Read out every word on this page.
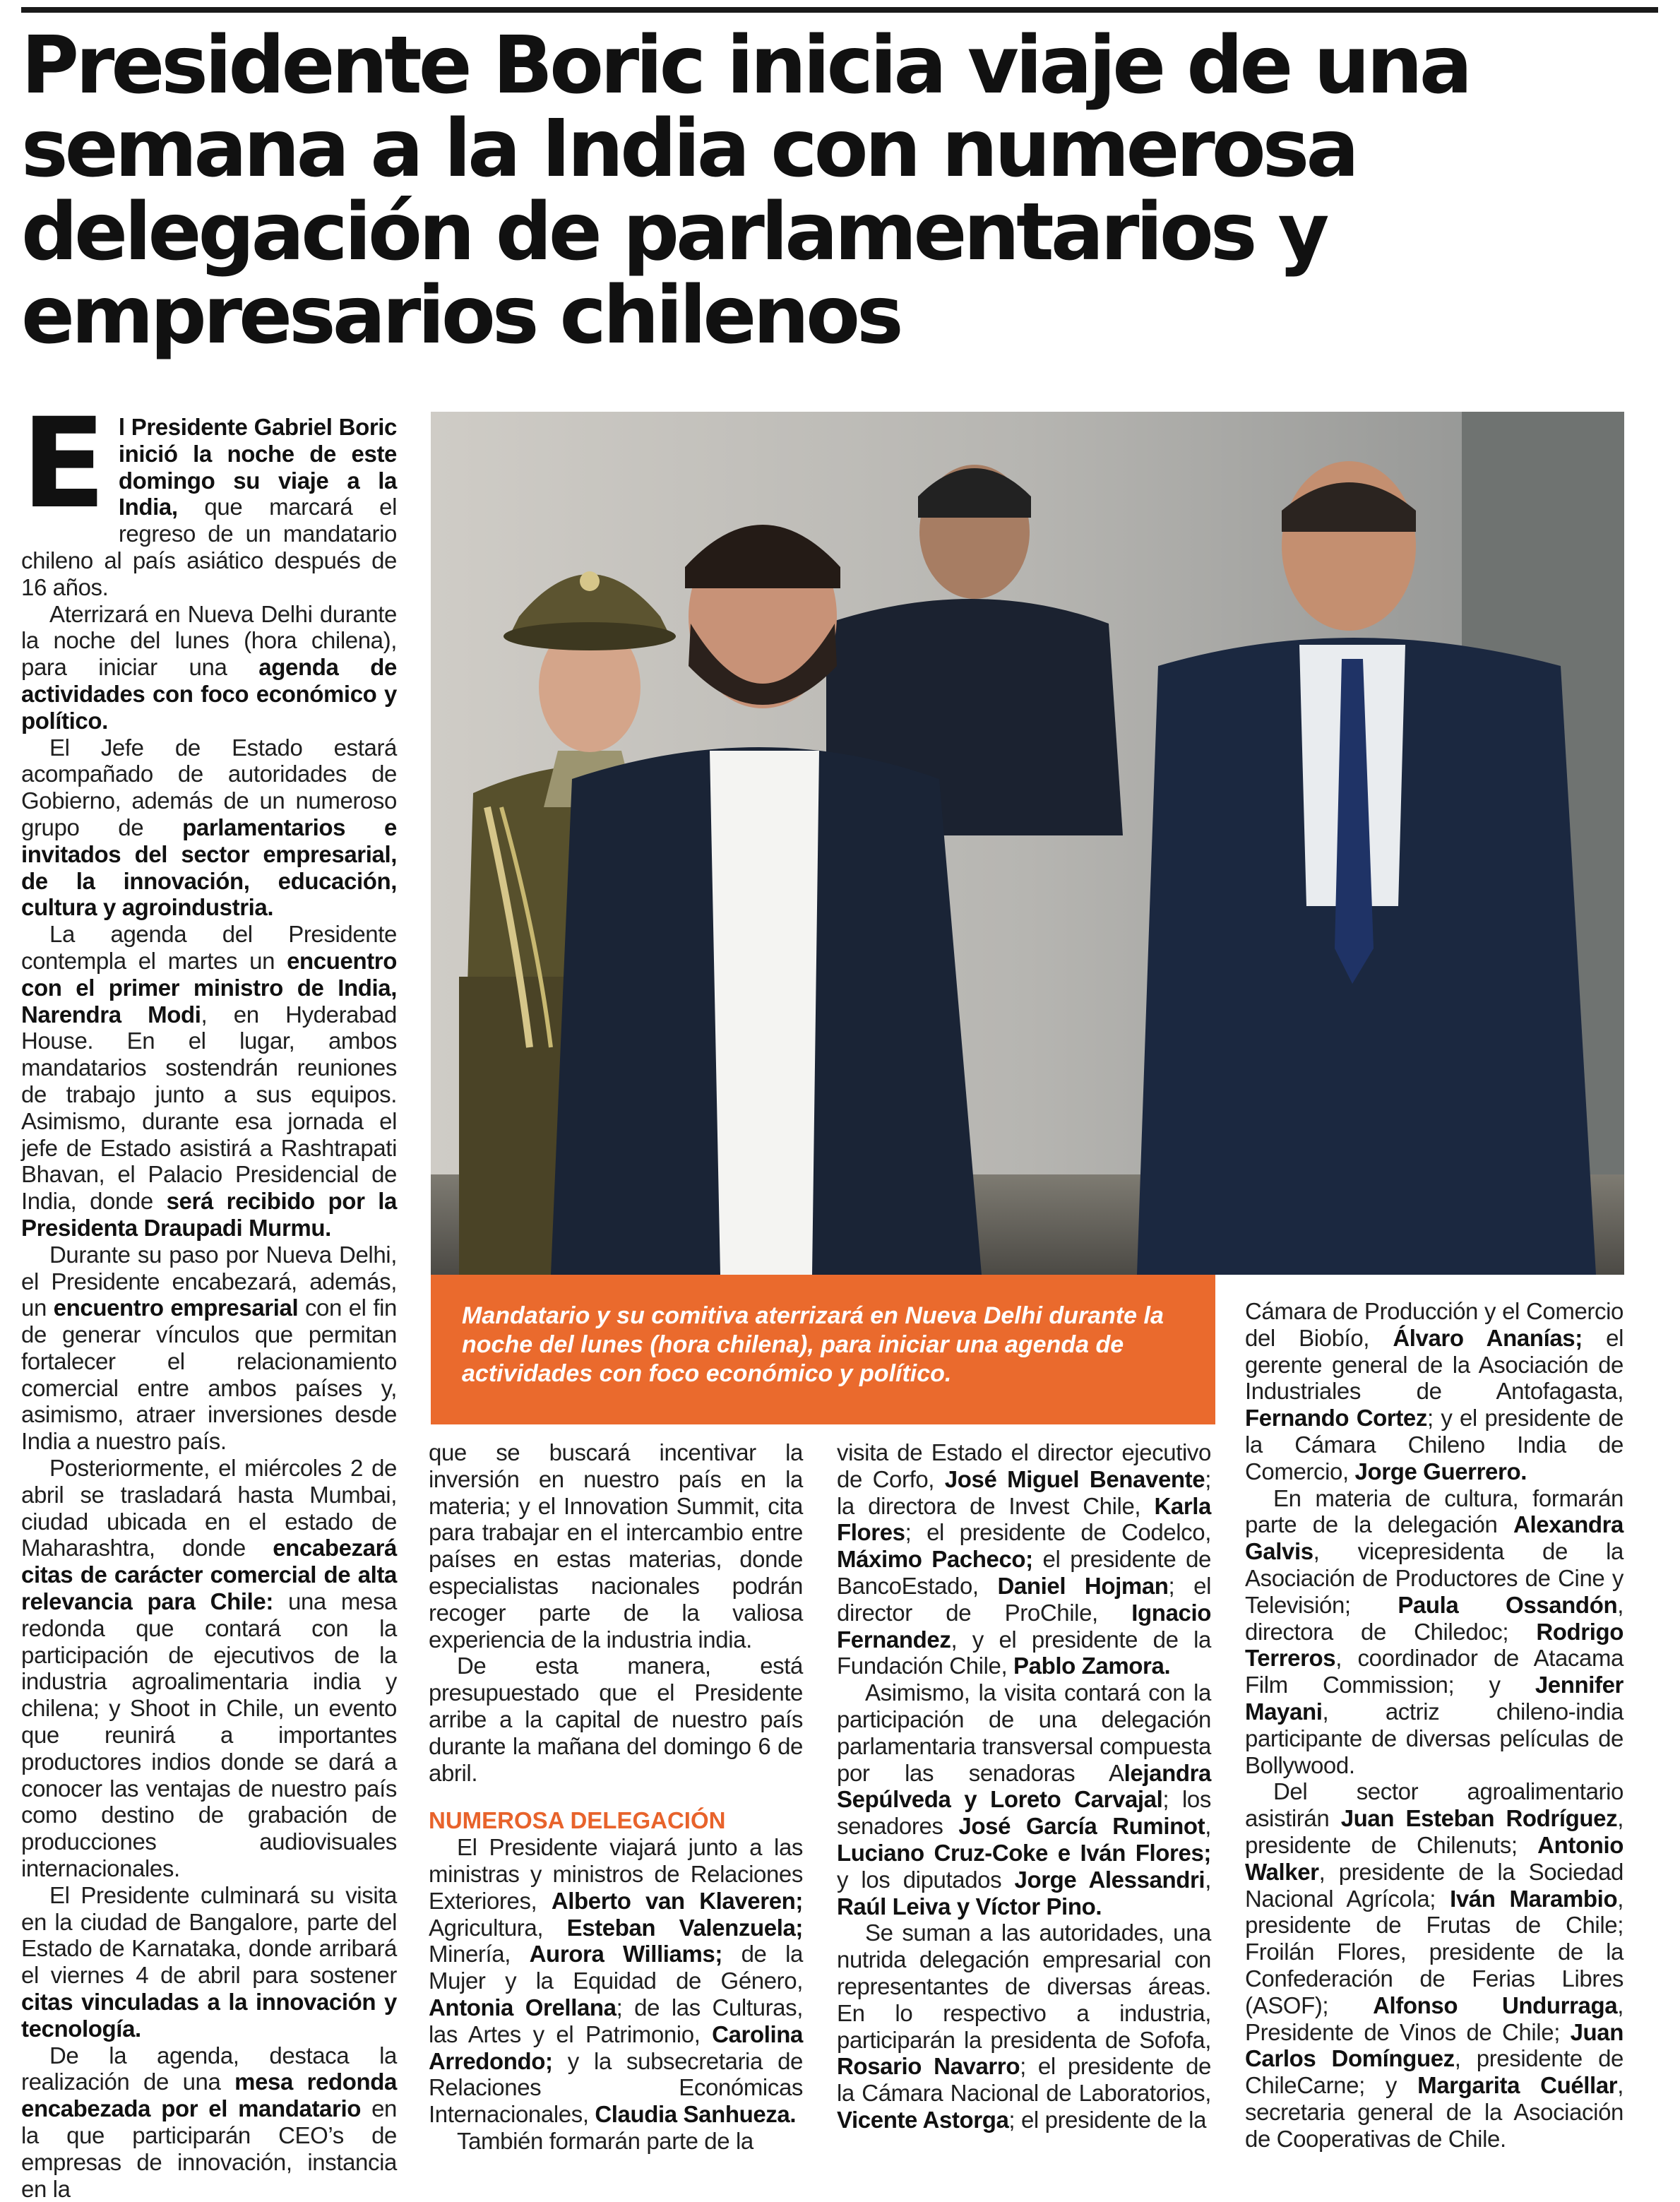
Presidente Boric inicia viaje de una semana a la India con numerosa delegación de parlamentarios y empresarios chilenos

El Presidente Gabriel Boric inició la noche de este domingo su viaje a la India, que marcará el regreso de un mandatario chileno al país asiático después de 16 años.

Aterrizará en Nueva Delhi durante la noche del lunes (hora chilena), para iniciar una agenda de actividades con foco económico y político.

El Jefe de Estado estará acompañado de autoridades de Gobierno, además de un numeroso grupo de parlamentarios e invitados del sector empresarial, de la innovación, educación, cultura y agroindustria.

La agenda del Presidente contempla el martes un encuentro con el primer ministro de India, Narendra Modi, en Hyderabad House. En el lugar, ambos mandatarios sostendrán reuniones de trabajo junto a sus equipos. Asimismo, durante esa jornada el jefe de Estado asistirá a Rashtrapati Bhavan, el Palacio Presidencial de India, donde será recibido por la Presidenta Draupadi Murmu.

Durante su paso por Nueva Delhi, el Presidente encabezará, además, un encuentro empresarial con el fin de generar vínculos que permitan fortalecer el relacionamiento comercial entre ambos países y, asimismo, atraer inversiones desde India a nuestro país.

Posteriormente, el miércoles 2 de abril se trasladará hasta Mumbai, ciudad ubicada en el estado de Maharashtra, donde encabezará citas de carácter comercial de alta relevancia para Chile: una mesa redonda que contará con la participación de ejecutivos de la industria agroalimentaria india y chilena; y Shoot in Chile, un evento que reunirá a importantes productores indios donde se dará a conocer las ventajas de nuestro país como destino de grabación de producciones audiovisuales internacionales.

El Presidente culminará su visita en la ciudad de Bangalore, parte del Estado de Karnataka, donde arribará el viernes 4 de abril para sostener citas vinculadas a la innovación y tecnología.

De la agenda, destaca la realización de una mesa redonda encabezada por el mandatario en la que participarán CEO’s de empresas de innovación, instancia en la

Mandatario y su comitiva aterrizará en Nueva Delhi durante la noche del lunes (hora chilena), para iniciar una agenda de actividades con foco económico y político.

que se buscará incentivar la inversión en nuestro país en la materia; y el Innovation Summit, cita para trabajar en el intercambio entre países en estas materias, donde especialistas nacionales podrán recoger parte de la valiosa experiencia de la industria india.

De esta manera, está presupuestado que el Presidente arribe a la capital de nuestro país durante la mañana del domingo 6 de abril.

NUMEROSA DELEGACIÓN

El Presidente viajará junto a las ministras y ministros de Relaciones Exteriores, Alberto van Klaveren; Agricultura, Esteban Valenzuela; Minería, Aurora Williams; de la Mujer y la Equidad de Género, Antonia Orellana; de las Culturas, las Artes y el Patrimonio, Carolina Arredondo; y la subsecretaria de Relaciones Económicas Internacionales, Claudia Sanhueza.

También formarán parte de la

visita de Estado el director ejecutivo de Corfo, José Miguel Benavente; la directora de Invest Chile, Karla Flores; el presidente de Codelco, Máximo Pacheco; el presidente de BancoEstado, Daniel Hojman; el director de ProChile, Ignacio Fernandez, y el presidente de la Fundación Chile, Pablo Zamora.

Asimismo, la visita contará con la participación de una delegación parlamentaria transversal compuesta por las senadoras Alejandra Sepúlveda y Loreto Carvajal; los senadores José García Ruminot, Luciano Cruz-Coke e Iván Flores; y los diputados Jorge Alessandri, Raúl Leiva y Víctor Pino.

Se suman a las autoridades, una nutrida delegación empresarial con representantes de diversas áreas. En lo respectivo a industria, participarán la presidenta de Sofofa, Rosario Navarro; el presidente de la Cámara Nacional de Laboratorios, Vicente Astorga; el presidente de la

Cámara de Producción y el Comercio del Biobío, Álvaro Ananías; el gerente general de la Asociación de Industriales de Antofagasta, Fernando Cortez; y el presidente de la Cámara Chileno India de Comercio, Jorge Guerrero.

En materia de cultura, formarán parte de la delegación Alexandra Galvis, vicepresidenta de la Asociación de Productores de Cine y Televisión; Paula Ossandón, directora de Chiledoc; Rodrigo Terreros, coordinador de Atacama Film Commission; y Jennifer Mayani, actriz chileno-india participante de diversas películas de Bollywood.

Del sector agroalimentario asistirán Juan Esteban Rodríguez, presidente de Chilenuts; Antonio Walker, presidente de la Sociedad Nacional Agrícola; Iván Marambio, presidente de Frutas de Chile; Froilán Flores, presidente de la Confederación de Ferias Libres (ASOF); Alfonso Undurraga, Presidente de Vinos de Chile; Juan Carlos Domínguez, presidente de ChileCarne; y Margarita Cuéllar, secretaria general de la Asociación de Cooperativas de Chile.
